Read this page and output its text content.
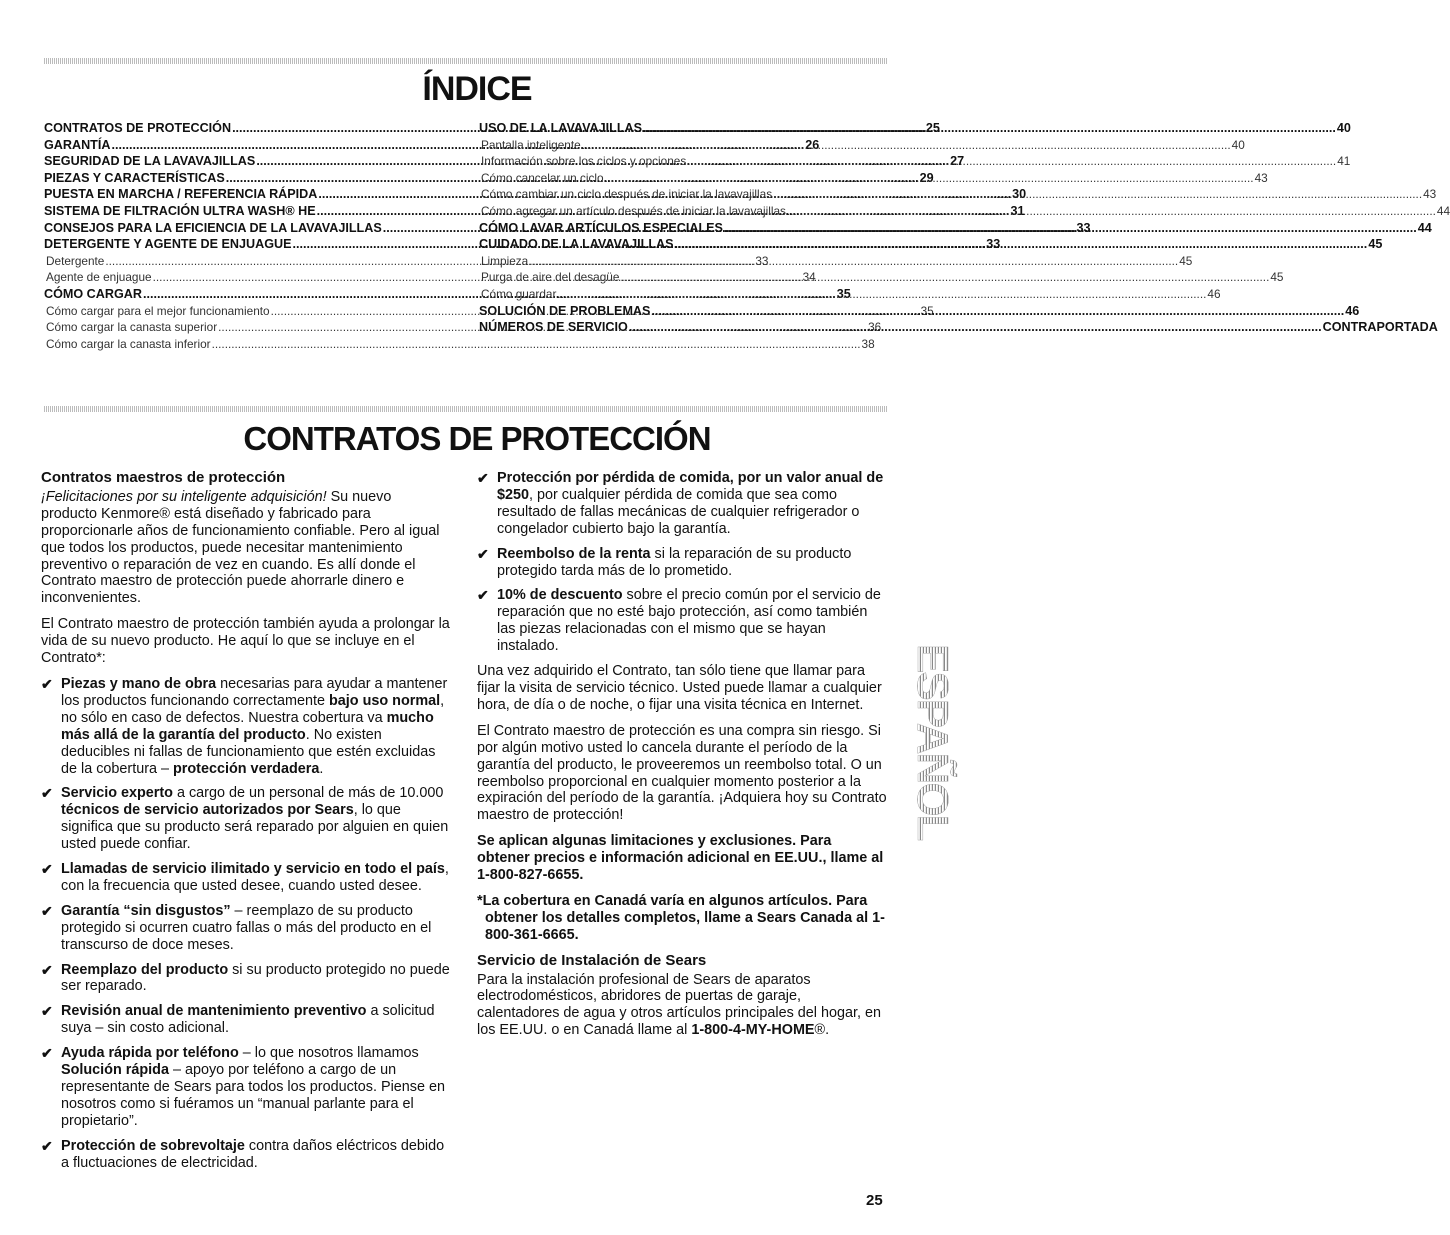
ÍNDICE
CONTRATOS DE PROTECCIÓN .....	25
GARANTÍA .....	26
SEGURIDAD DE LA LAVAVAJILLAS .....	27
PIEZAS Y CARACTERÍSTICAS .....	29
PUESTA EN MARCHA / REFERENCIA RÁPIDA .....	30
SISTEMA DE FILTRACIÓN ULTRA WASH® HE .....	31
CONSEJOS PARA LA EFICIENCIA DE LA LAVAVAJILLAS .....	33
DETERGENTE Y AGENTE DE ENJUAGUE .....	33
Detergente .....	33
Agente de enjuague .....	34
CÓMO CARGAR .....	35
Cómo cargar para el mejor funcionamiento .....	35
Cómo cargar la canasta superior .....	36
Cómo cargar la canasta inferior .....	38
USO DE LA LAVAVAJILLAS .....	40
Pantalla inteligente .....	40
Información sobre los ciclos y opciones .....	41
Cómo cancelar un ciclo .....	43
Cómo cambiar un ciclo después de iniciar la lavavajillas .....	43
Cómo agregar un artículo después de iniciar la lavavajillas .....	44
CÓMO LAVAR ARTÍCULOS ESPECIALES .....	44
CUIDADO DE LA LAVAVAJILLAS .....	45
Limpieza .....	45
Purga de aire del desagüe .....	45
Cómo guardar .....	46
SOLUCIÓN DE PROBLEMAS .....	46
NÚMEROS DE SERVICIO .....	CONTRAPORTADA
CONTRATOS DE PROTECCIÓN
Contratos maestros de protección

¡Felicitaciones por su inteligente adquisición! Su nuevo producto Kenmore® está diseñado y fabricado para proporcionarle años de funcionamiento confiable. Pero al igual que todos los productos, puede necesitar mantenimiento preventivo o reparación de vez en cuando. Es allí donde el Contrato maestro de protección puede ahorrarle dinero e inconvenientes.

El Contrato maestro de protección también ayuda a prolongar la vida de su nuevo producto. He aquí lo que se incluye en el Contrato*:

✔ Piezas y mano de obra necesarias para ayudar a mantener los productos funcionando correctamente bajo uso normal, no sólo en caso de defectos. Nuestra cobertura va mucho más allá de la garantía del producto. No existen deducibles ni fallas de funcionamiento que estén excluidas de la cobertura – protección verdadera.
✔ Servicio experto a cargo de un personal de más de 10.000 técnicos de servicio autorizados por Sears, lo que significa que su producto será reparado por alguien en quien usted puede confiar.
✔ Llamadas de servicio ilimitado y servicio en todo el país, con la frecuencia que usted desee, cuando usted desee.
✔ Garantía “sin disgustos” – reemplazo de su producto protegido si ocurren cuatro fallas o más del producto en el transcurso de doce meses.
✔ Reemplazo del producto si su producto protegido no puede ser reparado.
✔ Revisión anual de mantenimiento preventivo a solicitud suya – sin costo adicional.
✔ Ayuda rápida por teléfono – lo que nosotros llamamos Solución rápida – apoyo por teléfono a cargo de un representante de Sears para todos los productos. Piense en nosotros como si fuéramos un “manual parlante para el propietario”.
✔ Protección de sobrevoltaje contra daños eléctricos debido a fluctuaciones de electricidad.
✔ Protección por pérdida de comida, por un valor anual de $250, por cualquier pérdida de comida que sea como resultado de fallas mecánicas de cualquier refrigerador o congelador cubierto bajo la garantía.
✔ Reembolso de la renta si la reparación de su producto protegido tarda más de lo prometido.
✔ 10% de descuento sobre el precio común por el servicio de reparación que no esté bajo protección, así como también las piezas relacionadas con el mismo que se hayan instalado.

Una vez adquirido el Contrato, tan sólo tiene que llamar para fijar la visita de servicio técnico. Usted puede llamar a cualquier hora, de día o de noche, o fijar una visita técnica en Internet.

El Contrato maestro de protección es una compra sin riesgo. Si por algún motivo usted lo cancela durante el período de la garantía del producto, le proveeremos un reembolso total. O un reembolso proporcional en cualquier momento posterior a la expiración del período de la garantía. ¡Adquiera hoy su Contrato maestro de protección!

Se aplican algunas limitaciones y exclusiones. Para obtener precios e información adicional en EE.UU., llame al 1-800-827-6655.

*La cobertura en Canadá varía en algunos artículos. Para obtener los detalles completos, llame a Sears Canada al 1-800-361-6665.

Servicio de Instalación de Sears

Para la instalación profesional de Sears de aparatos electrodomésticos, abridores de puertas de garaje, calentadores de agua y otros artículos principales del hogar, en los EE.UU. o en Canadá llame al 1-800-4-MY-HOME®.

ESPAÑOL
25
